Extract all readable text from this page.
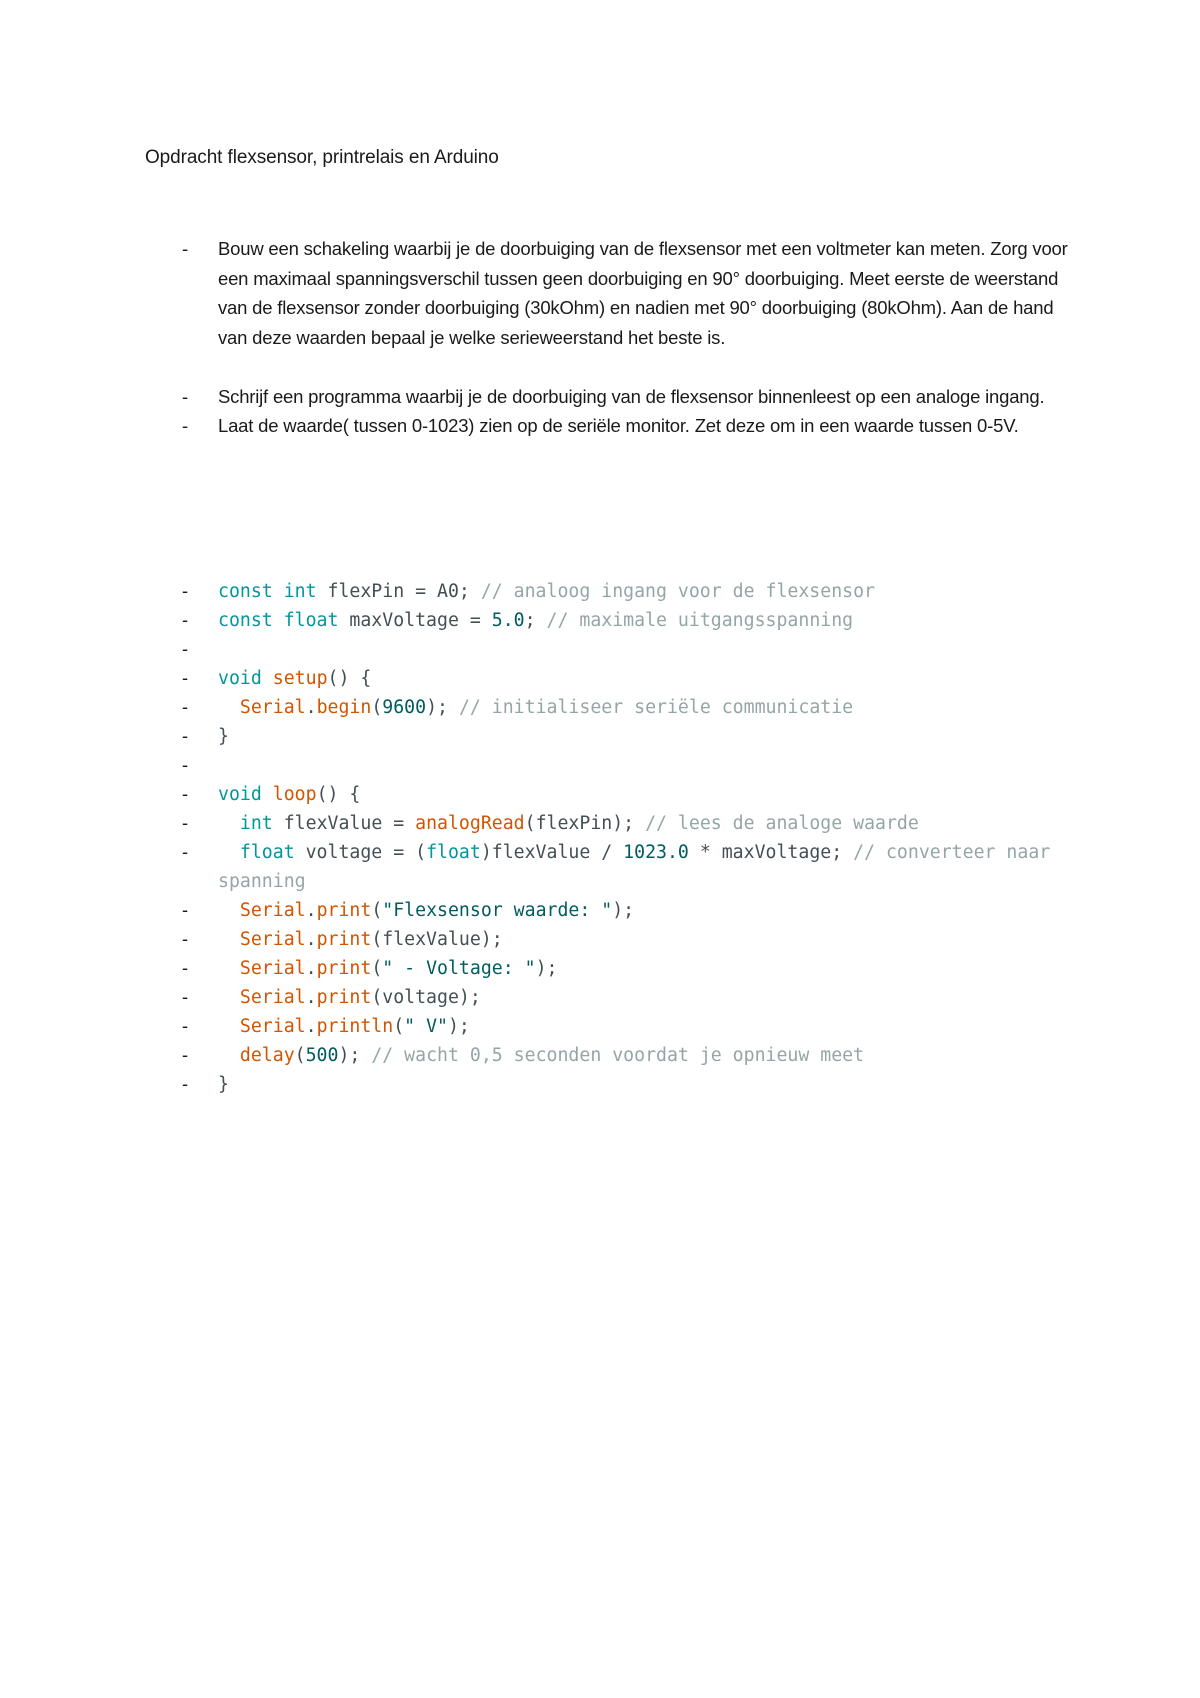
Opdracht flexsensor, printrelais en Arduino
- Bouw een schakeling waarbij je de doorbuiging van de flexsensor met een voltmeter kan meten. Zorg voor een maximaal spanningsverschil tussen geen doorbuiging en 90° doorbuiging. Meet eerste de weerstand van de flexsensor zonder doorbuiging (30kOhm) en nadien met 90° doorbuiging (80kOhm). Aan de hand van deze waarden bepaal je welke serieweerstand het beste is.
- Schrijf een programma waarbij je de doorbuiging van de flexsensor binnenleest op een analoge ingang.
- Laat de waarde( tussen 0-1023) zien op de seriële monitor. Zet deze om in een waarde tussen 0-5V.
- const int flexPin = A0; // analoog ingang voor de flexsensor
- const float maxVoltage = 5.0; // maximale uitgangsspanning
-

- void setup() {
-	Serial.begin(9600); // initialiseer seriële communicatie
- }
-

- void loop() {
-	int flexValue = analogRead(flexPin); // lees de analoge waarde
-	float voltage = (float)flexValue / 1023.0 * maxVoltage; // converteer naar spanning
-	Serial.print("Flexsensor waarde: ");
-	Serial.print(flexValue);
-	Serial.print(" - Voltage: ");
-	Serial.print(voltage);
-	Serial.println(" V");
-	delay(500); // wacht 0,5 seconden voordat je opnieuw meet
- }
